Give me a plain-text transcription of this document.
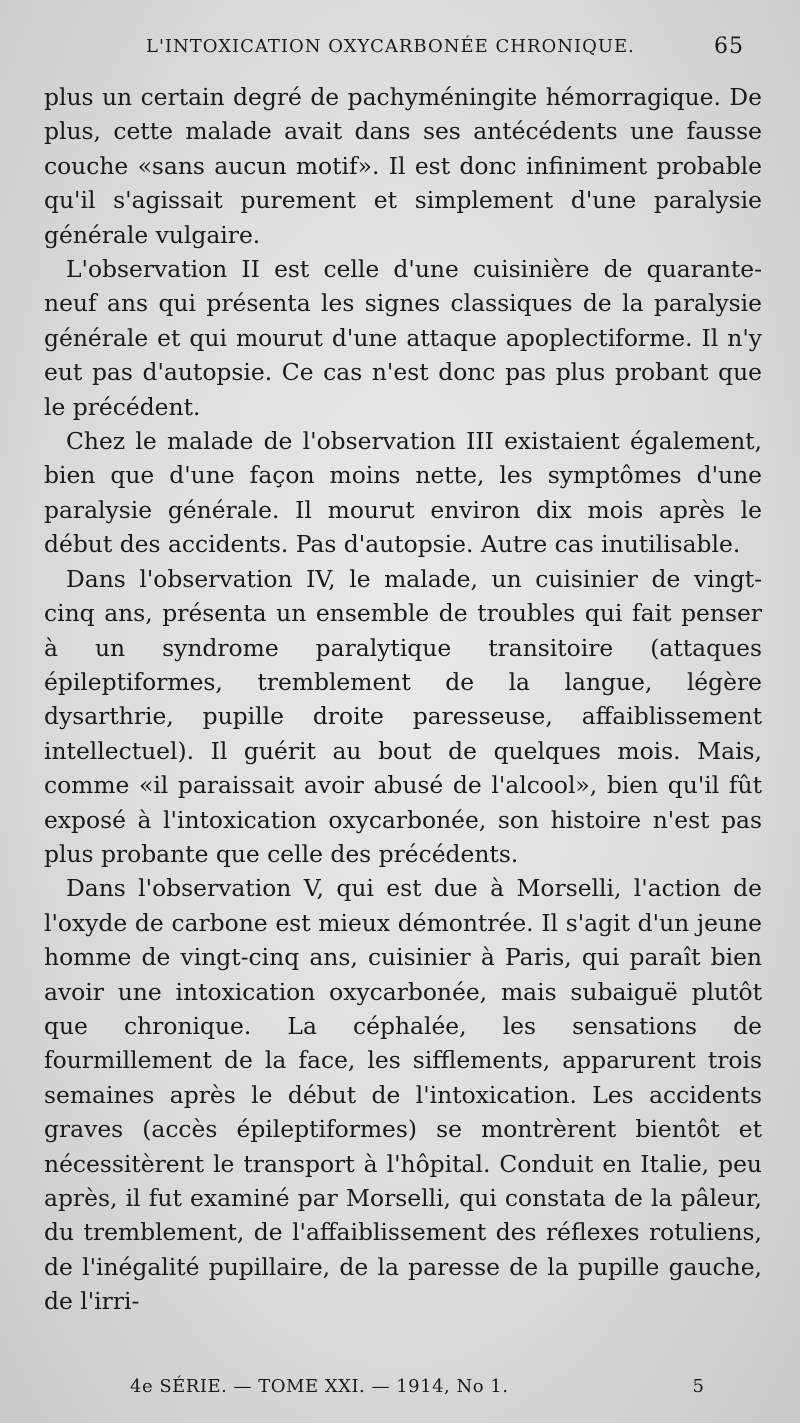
L'INTOXICATION OXYCARBONÉE CHRONIQUE.	65

plus un certain degré de pachyméningite hémorragique. De plus, cette malade avait dans ses antécédents une fausse couche «sans aucun motif». Il est donc infiniment probable qu'il s'agissait purement et simplement d'une paralysie générale vulgaire.

L'observation II est celle d'une cuisinière de quarante-neuf ans qui présenta les signes classiques de la paralysie générale et qui mourut d'une attaque apoplectiforme. Il n'y eut pas d'autopsie. Ce cas n'est donc pas plus probant que le précédent.

Chez le malade de l'observation III existaient également, bien que d'une façon moins nette, les symptômes d'une paralysie générale. Il mourut environ dix mois après le début des accidents. Pas d'autopsie. Autre cas inutilisable.

Dans l'observation IV, le malade, un cuisinier de vingt-cinq ans, présenta un ensemble de troubles qui fait penser à un syndrome paralytique transitoire (attaques épileptiformes, tremblement de la langue, légère dysarthrie, pupille droite paresseuse, affaiblissement intellectuel). Il guérit au bout de quelques mois. Mais, comme «il paraissait avoir abusé de l'alcool», bien qu'il fût exposé à l'intoxication oxycarbonée, son histoire n'est pas plus probante que celle des précédents.

Dans l'observation V, qui est due à Morselli, l'action de l'oxyde de carbone est mieux démontrée. Il s'agit d'un jeune homme de vingt-cinq ans, cuisinier à Paris, qui paraît bien avoir une intoxication oxycarbonée, mais subaiguë plutôt que chronique. La céphalée, les sensations de fourmillement de la face, les sifflements, apparurent trois semaines après le début de l'intoxication. Les accidents graves (accès épileptiformes) se montrèrent bientôt et nécessitèrent le transport à l'hôpital. Conduit en Italie, peu après, il fut examiné par Morselli, qui constata de la pâleur, du tremblement, de l'affaiblissement des réflexes rotuliens, de l'inégalité pupillaire, de la paresse de la pupille gauche, de l'irri-

4e SÉRIE. — TOME XXI. — 1914, No 1.	5
